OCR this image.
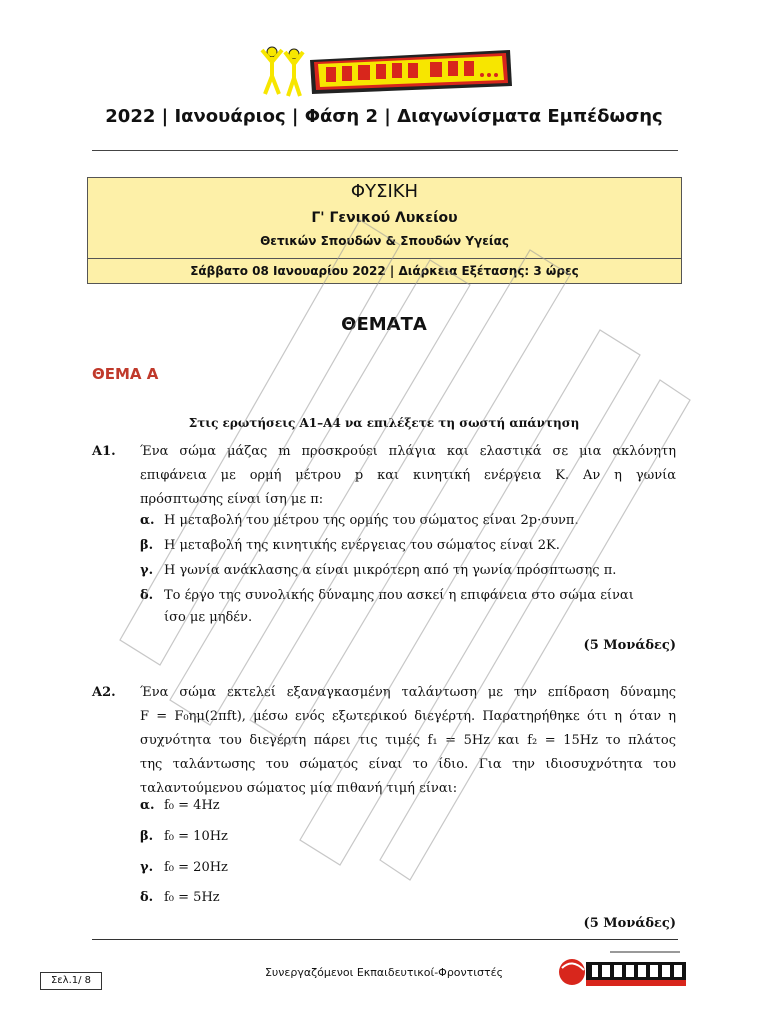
2022 | Ιανουάριος | Φάση 2 | Διαγωνίσματα Εμπέδωσης
ΦΥΣΙΚΗ
Γ' Γενικού Λυκείου
Θετικών Σπουδών & Σπουδών Υγείας
Σάββατο 08 Ιανουαρίου 2022 | Διάρκεια Εξέτασης: 3 ώρες
ΘΕΜΑΤΑ
ΘΕΜΑ Α
Στις ερωτήσεις Α1–Α4 να επιλέξετε τη σωστή απάντηση
Α1. Ένα σώμα μάζας m προσκρούει πλάγια και ελαστικά σε μια ακλόνητη
επιφάνεια με ορμή μέτρου p και κινητική ενέργεια Κ. Αν η γωνία
πρόσπτωσης είναι ίση με π:
α. Η μεταβολή του μέτρου της ορμής του σώματος είναι 2p·συνπ.
β. Η μεταβολή της κινητικής ενέργειας του σώματος είναι 2Κ.
γ. Η γωνία ανάκλασης α είναι μικρότερη από τη γωνία πρόσπτωσης π.
δ. Το έργο της συνολικής δύναμης που ασκεί η επιφάνεια στο σώμα είναι
ίσο με μηδέν.
(5 Μονάδες)
Α2. Ένα σώμα εκτελεί εξαναγκασμένη ταλάντωση με την επίδραση δύναμης
F = F₀ημ(2πft), μέσω ενός εξωτερικού διεγέρτη. Παρατηρήθηκε ότι η όταν η
συχνότητα του διεγέρτη πάρει τις τιμές f₁ = 5Hz και f₂ = 15Hz το πλάτος
της ταλάντωσης του σώματος είναι το ίδιο. Για την ιδιοσυχνότητα του
ταλαντούμενου σώματος μία πιθανή τιμή είναι:
α. f₀ = 4Hz
β. f₀ = 10Hz
γ. f₀ = 20Hz
δ. f₀ = 5Hz
(5 Μονάδες)
Σελ.1/ 8
Συνεργαζόμενοι Εκπαιδευτικοί-Φροντιστές
